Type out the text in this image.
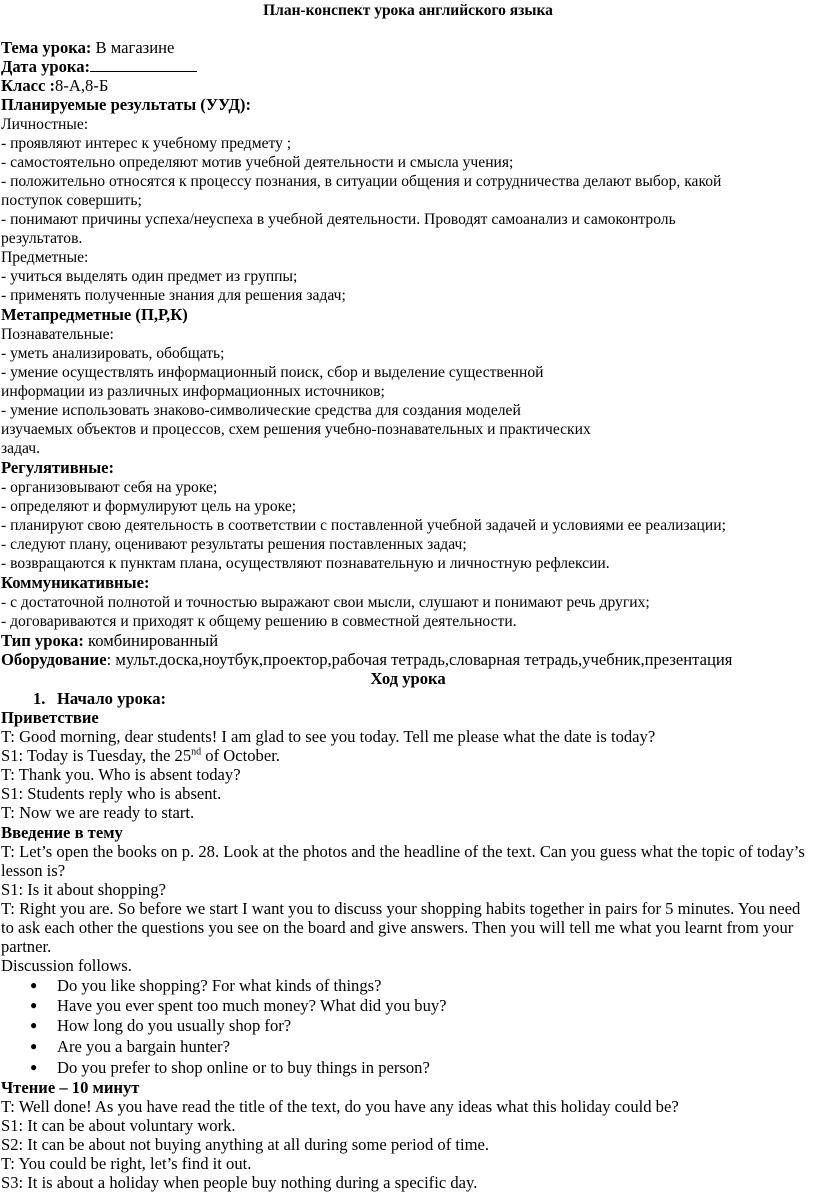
План-конспект урока английского языка
Тема урока: В магазине
Дата урока:
Класс :8-А,8-Б
Планируемые результаты (УУД):
Личностные:
- проявляют интерес к учебному предмету ;
- самостоятельно определяют мотив учебной деятельности и смысла учения;
- положительно относятся к процессу познания, в ситуации общения и сотрудничества делают выбор, какой
поступок совершить;
- понимают причины успеха/неуспеха в учебной деятельности. Проводят самоанализ и самоконтроль
результатов.
Предметные:
- учиться выделять один предмет из группы;
- применять полученные знания для решения задач;
Метапредметные (П,Р,К)
Познавательные:
- уметь анализировать, обобщать;
- умение осуществлять информационный поиск, сбор и выделение существенной
информации из различных информационных источников;
- умение использовать знаково-символические средства для создания моделей
изучаемых объектов и процессов, схем решения учебно-познавательных и практических
задач.
Регулятивные:
- организовывают себя на уроке;
- определяют и формулируют цель на уроке;
- планируют свою деятельность в соответствии с поставленной учебной задачей и условиями ее реализации;
- следуют плану, оценивают результаты решения поставленных задач;
- возвращаются к пунктам плана, осуществляют познавательную и личностную рефлексии.
Коммуникативные:
- с достаточной полнотой и точностью выражают свои мысли, слушают и понимают речь других;
- договариваются и приходят к общему решению в совместной деятельности.
Тип урока: комбинированный
Оборудование: мульт.доска,ноутбук,проектор,рабочая тетрадь,словарная тетрадь,учебник,презентация
Ход урока
1. Начало урока:
Приветствие
T: Good morning, dear students! I am glad to see you today. Tell me please what the date is today?
S1: Today is Tuesday, the 25nd of October.
T: Thank you. Who is absent today?
S1: Students reply who is absent.
T: Now we are ready to start.
Введение в тему
T: Let’s open the books on p. 28. Look at the photos and the headline of the text. Can you guess what the topic of today’s
lesson is?
S1: Is it about shopping?
T: Right you are. So before we start I want you to discuss your shopping habits together in pairs for 5 minutes. You need
to ask each other the questions you see on the board and give answers. Then you will tell me what you learnt from your
partner.
Discussion follows.
● Do you like shopping? For what kinds of things?
● Have you ever spent too much money? What did you buy?
● How long do you usually shop for?
● Are you a bargain hunter?
● Do you prefer to shop online or to buy things in person?
Чтение – 10 минут
T: Well done! As you have read the title of the text, do you have any ideas what this holiday could be?
S1: It can be about voluntary work.
S2: It can be about not buying anything at all during some period of time.
T: You could be right, let’s find it out.
S3: It is about a holiday when people buy nothing during a specific day.
